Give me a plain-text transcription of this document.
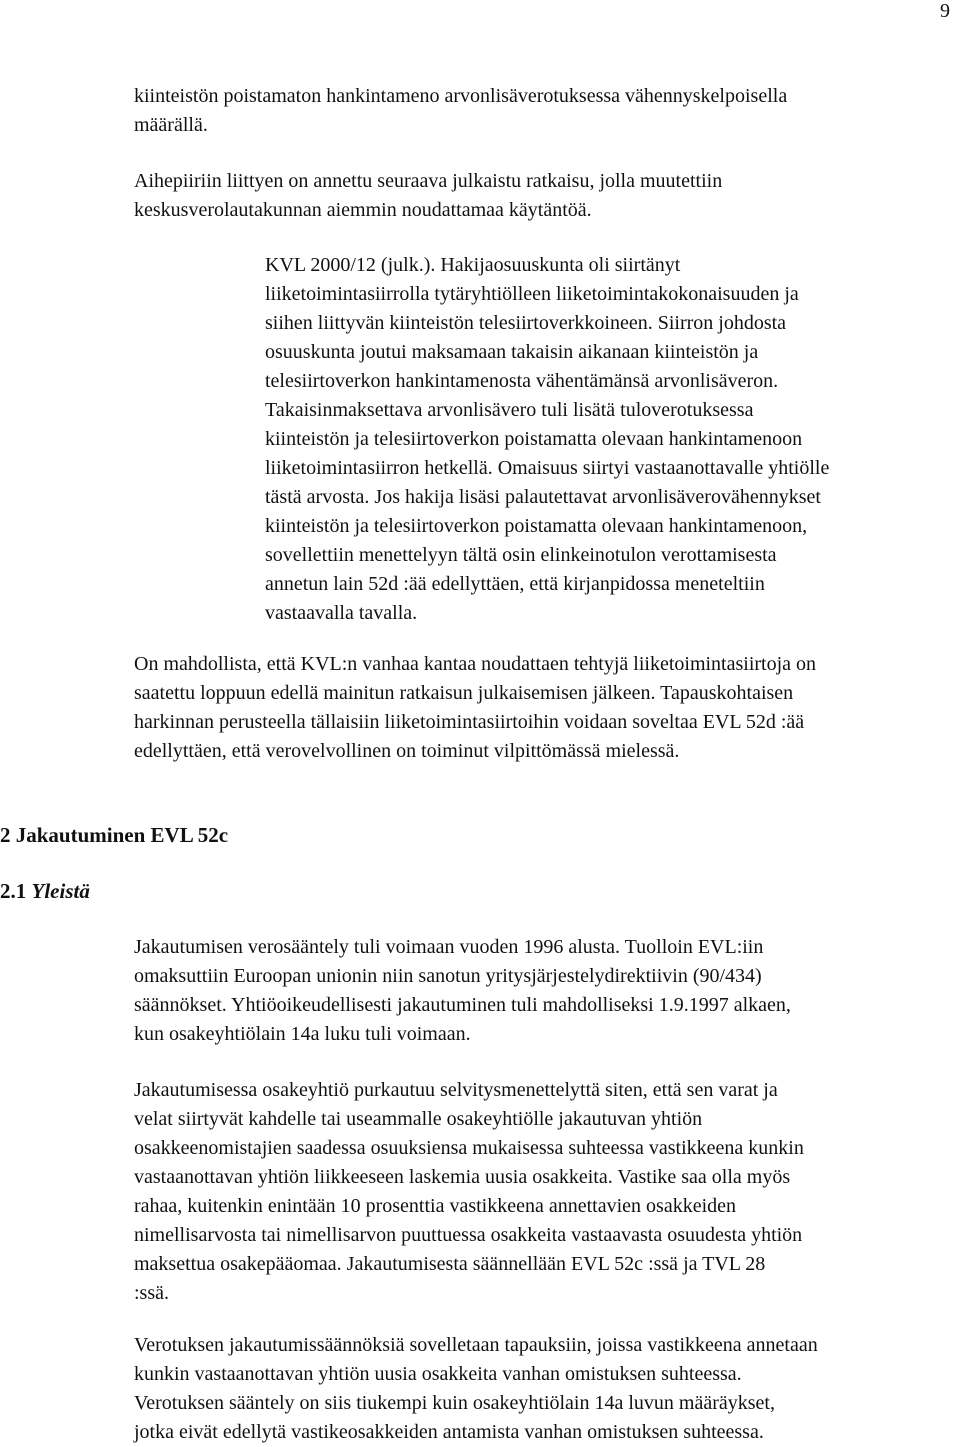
9
kiinteistön poistamaton hankintameno arvonlisäverotuksessa vähennyskelpoisella
määrällä.
Aihepiiriin liittyen on annettu seuraava julkaistu ratkaisu, jolla muutettiin
keskusverolautakunnan aiemmin noudattamaa käytäntöä.
KVL 2000/12 (julk.). Hakijaosuuskunta oli siirtänyt
liiketoimintasiirrolla tytäryhtiölleen liiketoimintakokonaisuuden ja
siihen liittyvän kiinteistön telesiirtoverkkoineen. Siirron johdosta
osuuskunta joutui maksamaan takaisin aikanaan kiinteistön ja
telesiirtoverkon hankintamenosta vähentämänsä arvonlisäveron.
Takaisinmaksettava arvonlisävero tuli lisätä tuloverotuksessa
kiinteistön ja telesiirtoverkon poistamatta olevaan hankintamenoon
liiketoimintasiirron hetkellä. Omaisuus siirtyi vastaanottavalle yhtiölle
tästä arvosta. Jos hakija lisäsi palautettavat arvonlisäverovähennykset
kiinteistön ja telesiirtoverkon poistamatta olevaan hankintamenoon,
sovellettiin menettelyyn tältä osin elinkeinotulon verottamisesta
annetun lain 52d :ää edellyttäen, että kirjanpidossa meneteltiin
vastaavalla tavalla.
On mahdollista, että KVL:n vanhaa kantaa noudattaen tehtyjä liiketoimintasiirtoja on
saatettu loppuun edellä mainitun ratkaisun julkaisemisen jälkeen. Tapauskohtaisen
harkinnan perusteella tällaisiin liiketoimintasiirtoihin voidaan soveltaa EVL 52d :ää
edellyttäen, että verovelvollinen on toiminut vilpittömässä mielessä.
2 Jakautuminen EVL 52c
2.1 Yleistä
Jakautumisen verosääntely tuli voimaan vuoden 1996 alusta. Tuolloin EVL:iin
omaksuttiin Euroopan unionin niin sanotun yritysjärjestelydirektiivin (90/434)
säännökset. Yhtiöoikeudellisesti jakautuminen tuli mahdolliseksi 1.9.1997 alkaen,
kun osakeyhtiölain 14a luku tuli voimaan.
Jakautumisessa osakeyhtiö purkautuu selvitysmenettelyttä siten, että sen varat ja
velat siirtyvät kahdelle tai useammalle osakeyhtiölle jakautuvan yhtiön
osakkeenomistajien saadessa osuuksiensa mukaisessa suhteessa vastikkeena kunkin
vastaanottavan yhtiön liikkeeseen laskemia uusia osakkeita. Vastike saa olla myös
rahaa, kuitenkin enintään 10 prosenttia vastikkeena annettavien osakkeiden
nimellisarvosta tai nimellisarvon puuttuessa osakkeita vastaavasta osuudesta yhtiön
maksettua osakepääomaa. Jakautumisesta säännellään EVL 52c :ssä ja TVL 28
:ssä.
Verotuksen jakautumissäännöksiä sovelletaan tapauksiin, joissa vastikkeena annetaan
kunkin vastaanottavan yhtiön uusia osakkeita vanhan omistuksen suhteessa.
Verotuksen sääntely on siis tiukempi kuin osakeyhtiölain 14a luvun määräykset,
jotka eivät edellytä vastikeosakkeiden antamista vanhan omistuksen suhteessa.
